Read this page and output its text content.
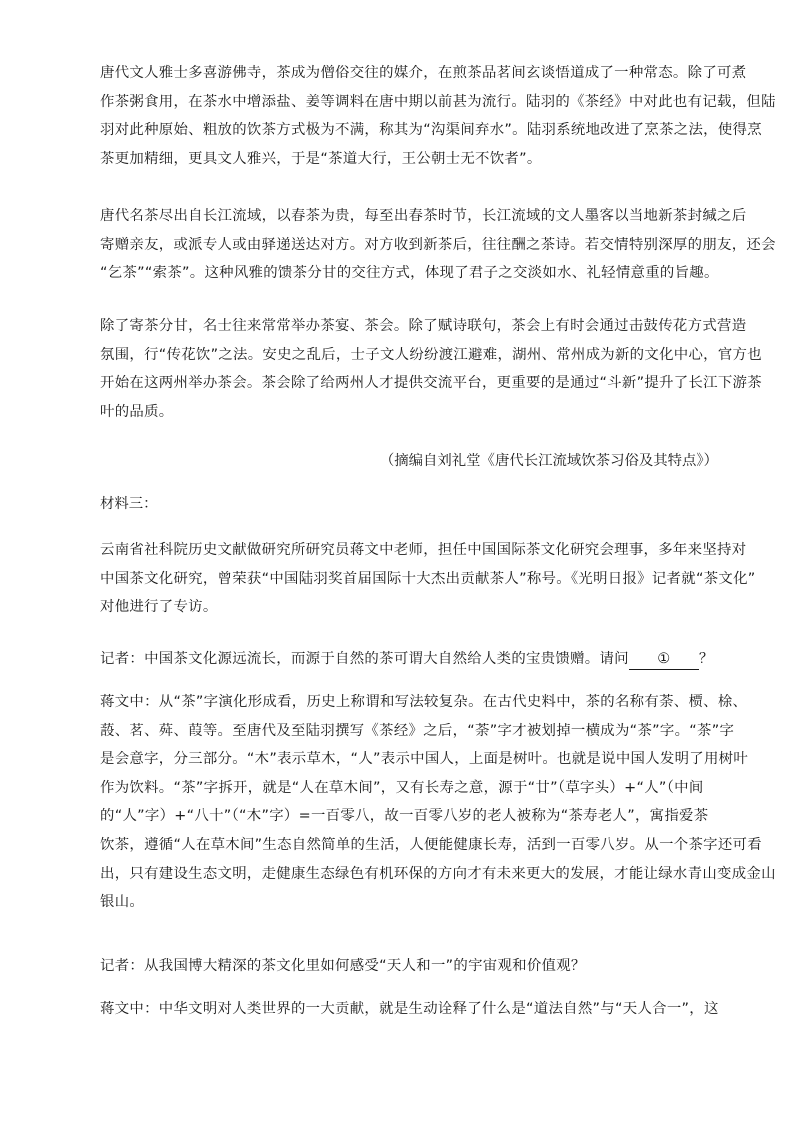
唐代文人雅士多喜游佛寺，茶成为僧俗交往的媒介，在煎茶品茗间玄谈悟道成了一种常态。除了可煮
作茶粥食用，在茶水中增添盐、姜等调料在唐中期以前甚为流行。陆羽的《茶经》中对此也有记载，但陆
羽对此种原始、粗放的饮茶方式极为不满，称其为“沟渠间弃水”。陆羽系统地改进了烹茶之法，使得烹
茶更加精细，更具文人雅兴，于是“茶道大行，王公朝士无不饮者”。

唐代名茶尽出自长江流域，以春茶为贵，每至出春茶时节，长江流域的文人墨客以当地新茶封缄之后
寄赠亲友，或派专人或由驿递送达对方。对方收到新茶后，往往酬之茶诗。若交情特别深厚的朋友，还会
“乞茶”“索茶”。这种风雅的馈茶分甘的交往方式，体现了君子之交淡如水、礼轻情意重的旨趣。

除了寄茶分甘，名士往来常常举办茶宴、茶会。除了赋诗联句，茶会上有时会通过击鼓传花方式营造
氛围，行“传花饮”之法。安史之乱后，士子文人纷纷渡江避难，湖州、常州成为新的文化中心，官方也
开始在这两州举办茶会。茶会除了给两州人才提供交流平台，更重要的是通过“斗新”提升了长江下游茶
叶的品质。

（摘编自刘礼堂《唐代长江流域饮茶习俗及其特点》）
材料三：

云南省社科院历史文献做研究所研究员蒋文中老师，担任中国国际茶文化研究会理事，多年来坚持对
中国茶文化研究，曾荣获“中国陆羽奖首届国际十大杰出贡献茶人”称号。《光明日报》记者就“茶文化”
对他进行了专访。

记者：中国茶文化源远流长，而源于自然的茶可谓大自然给人类的宝贵馈赠。请问 ① ？

蒋文中：从“茶”字演化形成看，历史上称谓和写法较复杂。在古代史料中，茶的名称有荼、槚、梌、
蔎、茗、荈、葭等。至唐代及至陆羽撰写《茶经》之后，“荼”字才被划掉一横成为“茶”字。“茶”字
是会意字，分三部分。“木”表示草木，“人”表示中国人，上面是树叶。也就是说中国人发明了用树叶
作为饮料。“茶”字拆开，就是“人在草木间”，又有长寿之意，源于“廿”（草字头）+“人”（中间
的“人”字）+“八十”（“木”字）=一百零八，故一百零八岁的老人被称为“茶寿老人”，寓指爱茶
饮茶，遵循“人在草木间”生态自然简单的生活，人便能健康长寿，活到一百零八岁。从一个茶字还可看
出，只有建设生态文明，走健康生态绿色有机环保的方向才有未来更大的发展，才能让绿水青山变成金山
银山。

记者：从我国博大精深的茶文化里如何感受“天人和一”的宇宙观和价值观？

蒋文中：中华文明对人类世界的一大贡献，就是生动诠释了什么是“道法自然”与“天人合一”，这
